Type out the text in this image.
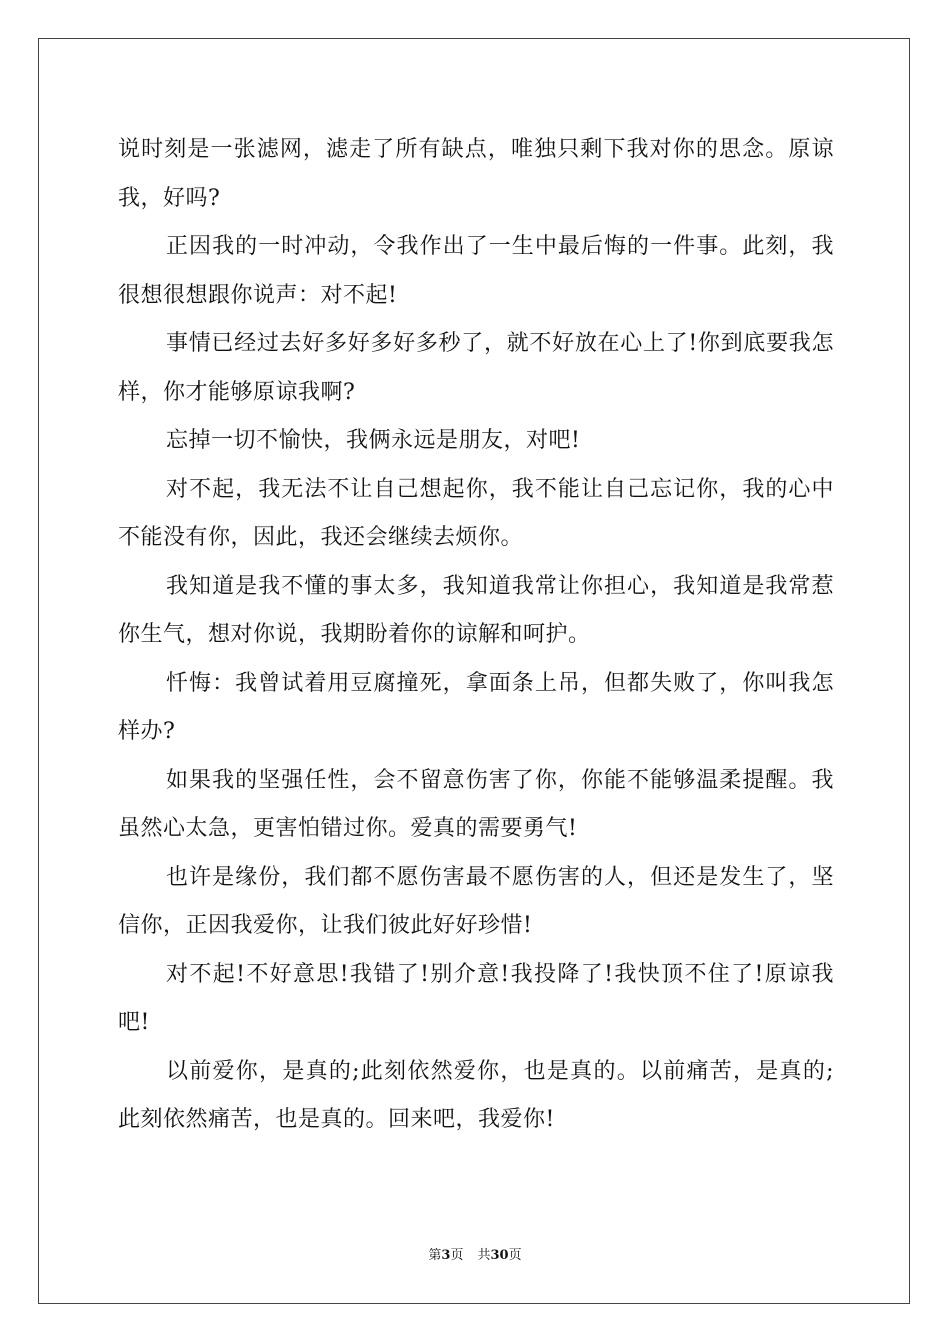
说时刻是一张滤网，滤走了所有缺点，唯独只剩下我对你的思念。原谅我，好吗?

正因我的一时冲动，令我作出了一生中最后悔的一件事。此刻，我很想很想跟你说声：对不起!

事情已经过去好多好多好多秒了，就不好放在心上了!你到底要我怎样，你才能够原谅我啊?

忘掉一切不愉快，我俩永远是朋友，对吧!

对不起，我无法不让自己想起你，我不能让自己忘记你，我的心中不能没有你，因此，我还会继续去烦你。

我知道是我不懂的事太多，我知道我常让你担心，我知道是我常惹你生气，想对你说，我期盼着你的谅解和呵护。

忏悔：我曾试着用豆腐撞死，拿面条上吊，但都失败了，你叫我怎样办?

如果我的坚强任性，会不留意伤害了你，你能不能够温柔提醒。我虽然心太急，更害怕错过你。爱真的需要勇气!

也许是缘份，我们都不愿伤害最不愿伤害的人，但还是发生了，坚信你，正因我爱你，让我们彼此好好珍惜!

对不起!不好意思!我错了!别介意!我投降了!我快顶不住了!原谅我吧!

以前爱你，是真的;此刻依然爱你，也是真的。以前痛苦，是真的;此刻依然痛苦，也是真的。回来吧，我爱你!

第3页 共30页
